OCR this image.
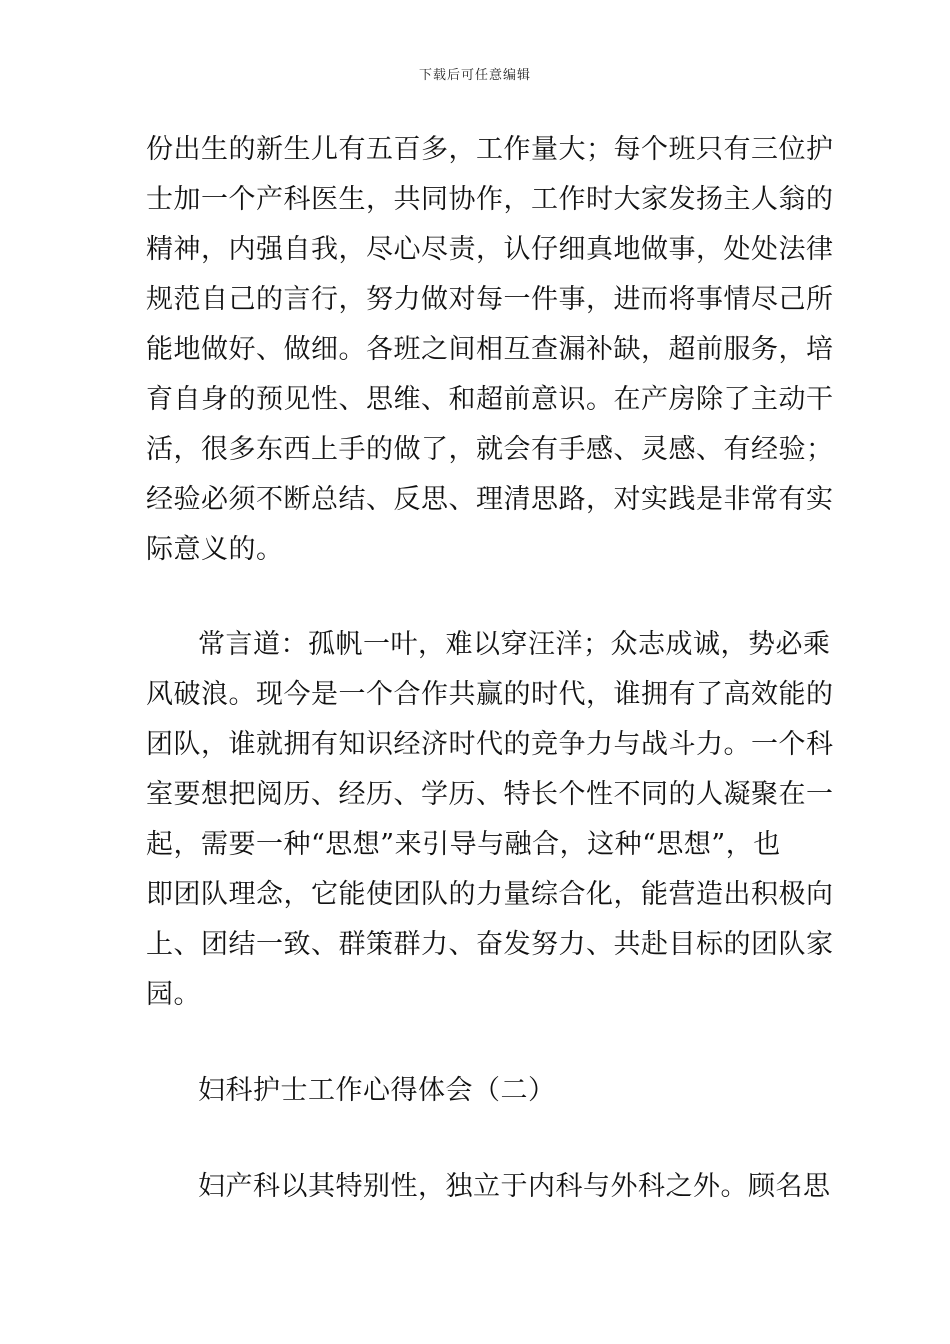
下载后可任意编辑
份出生的新生儿有五百多，工作量大；每个班只有三位护
士加一个产科医生，共同协作，工作时大家发扬主人翁的
精神，内强自我，尽心尽责，认仔细真地做事，处处法律
规范自己的言行，努力做对每一件事，进而将事情尽己所
能地做好、做细。各班之间相互查漏补缺，超前服务，培
育自身的预见性、思维、和超前意识。在产房除了主动干
活，很多东西上手的做了，就会有手感、灵感、有经验；
经验必须不断总结、反思、理清思路，对实践是非常有实
际意义的。
常言道：孤帆一叶，难以穿汪洋；众志成诚，势必乘
风破浪。现今是一个合作共赢的时代，谁拥有了高效能的
团队，谁就拥有知识经济时代的竞争力与战斗力。一个科
室要想把阅历、经历、学历、特长个性不同的人凝聚在一
起，需要一种“思想”来引导与融合，这种“思想”，也
即团队理念，它能使团队的力量综合化，能营造出积极向
上、团结一致、群策群力、奋发努力、共赴目标的团队家
园。
妇科护士工作心得体会（二）
妇产科以其特别性，独立于内科与外科之外。顾名思
